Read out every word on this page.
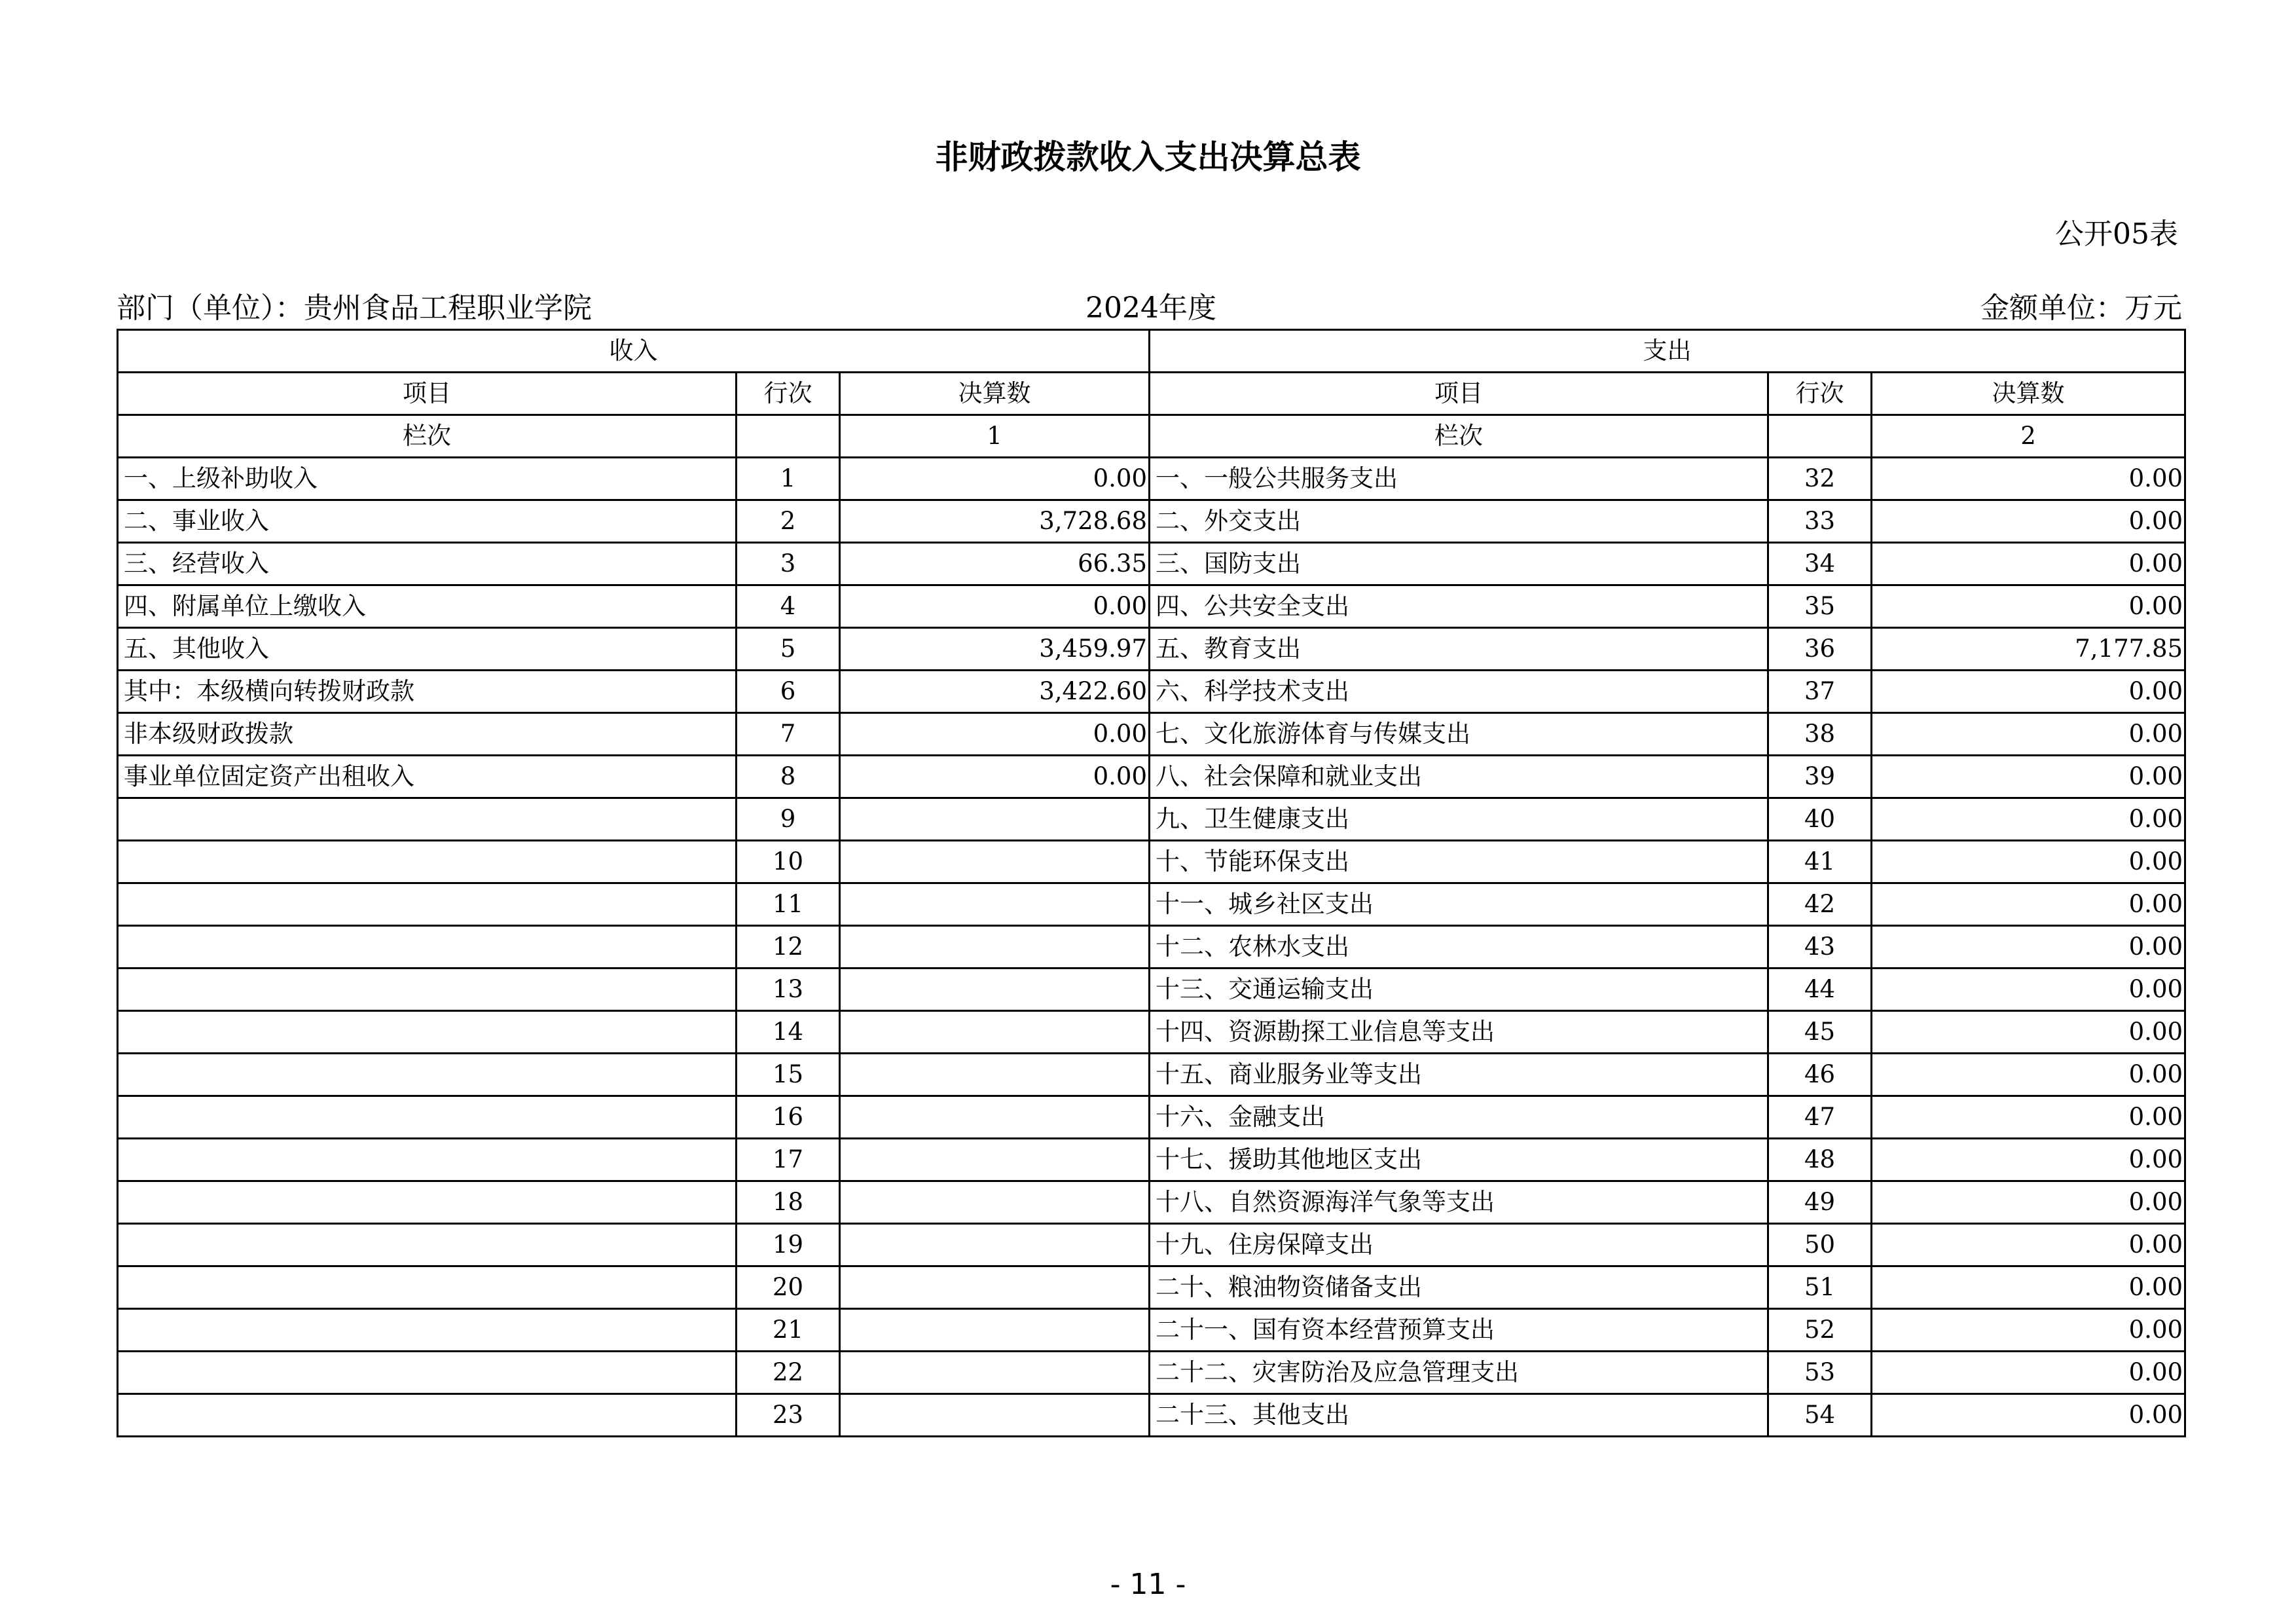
非财政拨款收入支出决算总表
公开05表
部门（单位）：贵州食品工程职业学院	2024年度	金额单位：万元
收入			支出		
项目	行次	决算数	项目	行次	决算数
栏次		1	栏次		2
一、上级补助收入	1	0.00	一、一般公共服务支出	32	0.00
二、事业收入	2	3,728.68	二、外交支出	33	0.00
三、经营收入	3	66.35	三、国防支出	34	0.00
四、附属单位上缴收入	4	0.00	四、公共安全支出	35	0.00
五、其他收入	5	3,459.97	五、教育支出	36	7,177.85
其中：本级横向转拨财政款	6	3,422.60	六、科学技术支出	37	0.00
非本级财政拨款	7	0.00	七、文化旅游体育与传媒支出	38	0.00
事业单位固定资产出租收入	8	0.00	八、社会保障和就业支出	39	0.00
	9		九、卫生健康支出	40	0.00
	10		十、节能环保支出	41	0.00
	11		十一、城乡社区支出	42	0.00
	12		十二、农林水支出	43	0.00
	13		十三、交通运输支出	44	0.00
	14		十四、资源勘探工业信息等支出	45	0.00
	15		十五、商业服务业等支出	46	0.00
	16		十六、金融支出	47	0.00
	17		十七、援助其他地区支出	48	0.00
	18		十八、自然资源海洋气象等支出	49	0.00
	19		十九、住房保障支出	50	0.00
	20		二十、粮油物资储备支出	51	0.00
	21		二十一、国有资本经营预算支出	52	0.00
	22		二十二、灾害防治及应急管理支出	53	0.00
	23		二十三、其他支出	54	0.00
- 11 -
